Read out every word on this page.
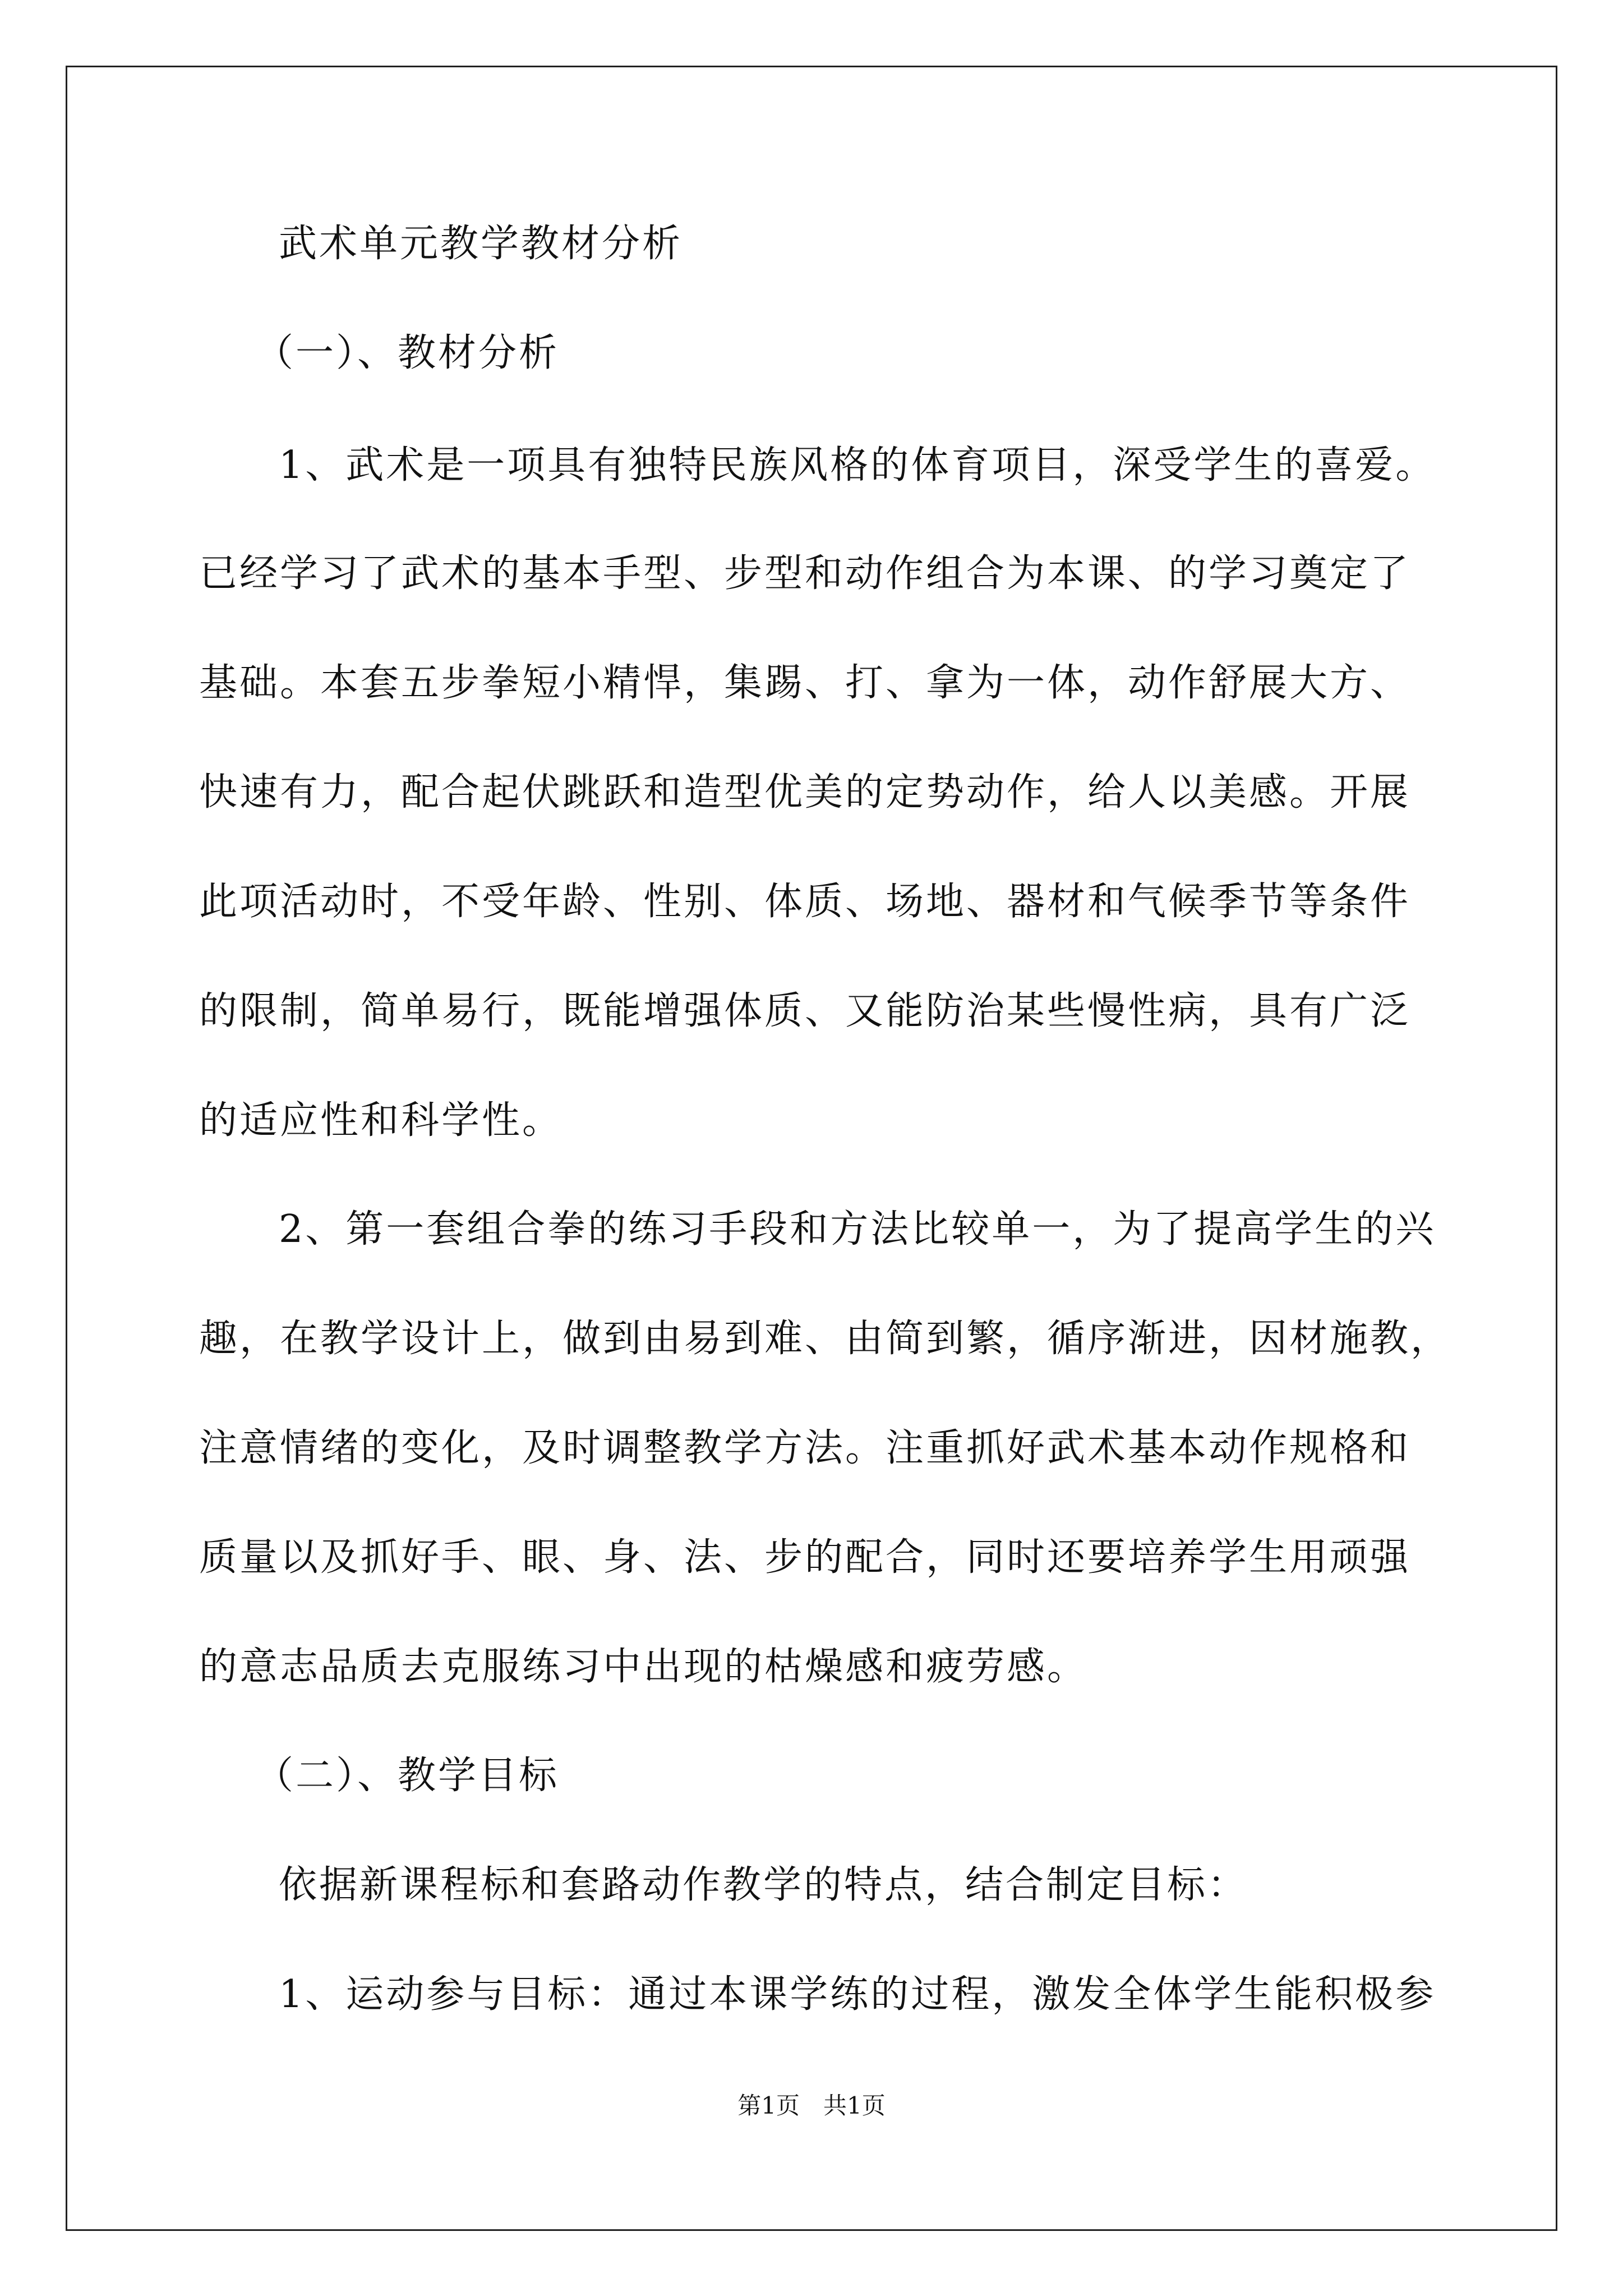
武术单元教学教材分析
（一）、教材分析
1、武术是一项具有独特民族风格的体育项目，深受学生的喜爱。
已经学习了武术的基本手型、步型和动作组合为本课、的学习奠定了
基础。本套五步拳短小精悍，集踢、打、拿为一体，动作舒展大方、
快速有力，配合起伏跳跃和造型优美的定势动作，给人以美感。开展
此项活动时，不受年龄、性别、体质、场地、器材和气候季节等条件
的限制，简单易行，既能增强体质、又能防治某些慢性病，具有广泛
的适应性和科学性。
2、第一套组合拳的练习手段和方法比较单一，为了提高学生的兴
趣，在教学设计上，做到由易到难、由简到繁，循序渐进，因材施教，
注意情绪的变化，及时调整教学方法。注重抓好武术基本动作规格和
质量以及抓好手、眼、身、法、步的配合，同时还要培养学生用顽强
的意志品质去克服练习中出现的枯燥感和疲劳感。
（二）、教学目标
依据新课程标和套路动作教学的特点，结合制定目标：
1、运动参与目标：通过本课学练的过程，激发全体学生能积极参
第1页　共1页
